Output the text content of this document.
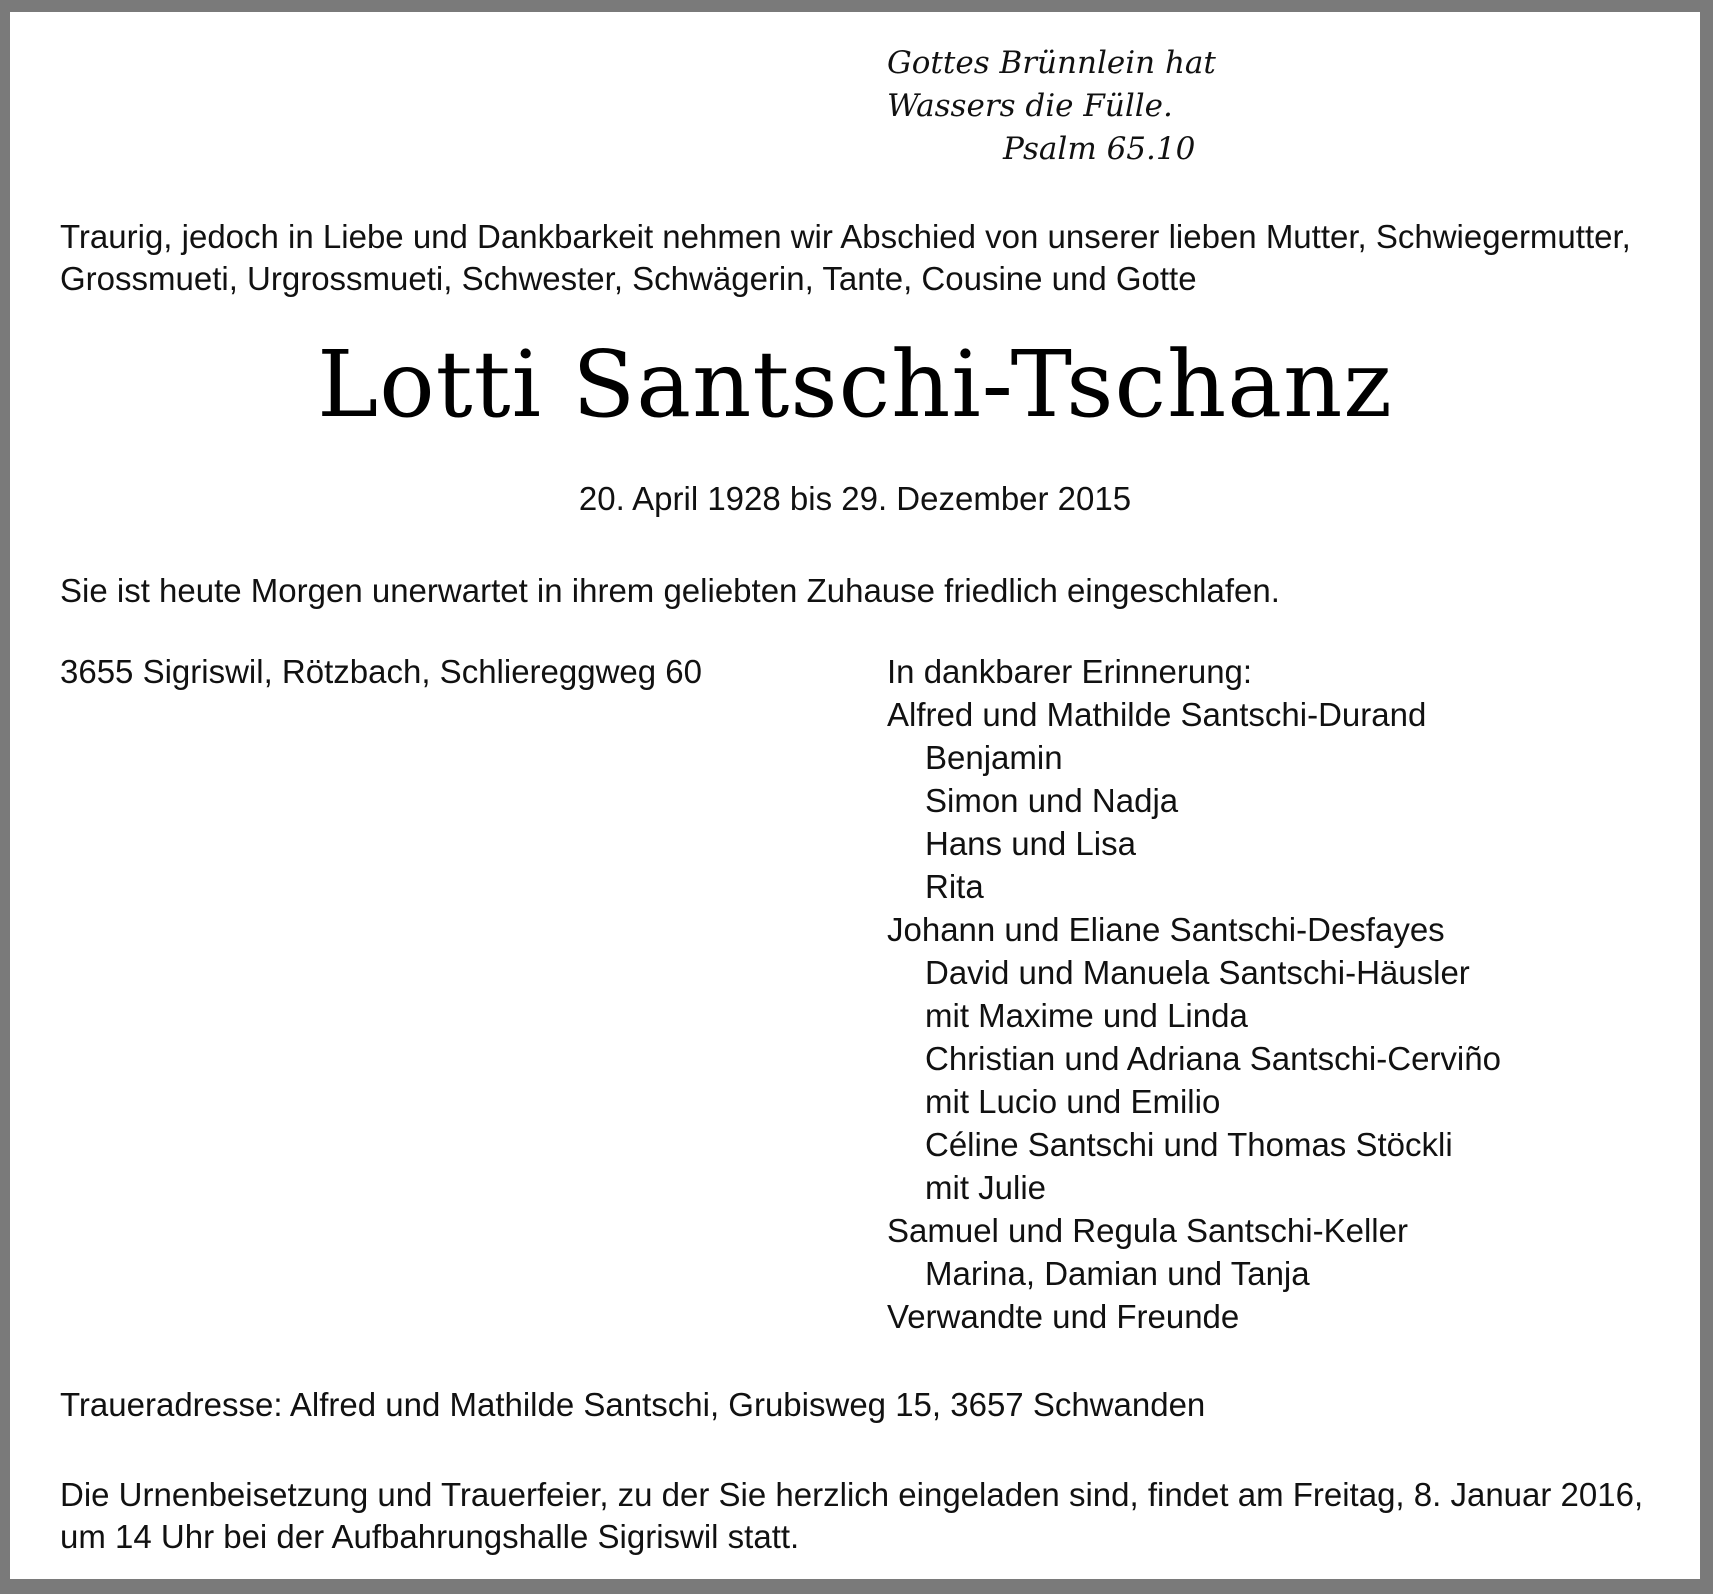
Gottes Brünnlein hat
Wassers die Fülle.
Psalm 65.10
Traurig, jedoch in Liebe und Dankbarkeit nehmen wir Abschied von unserer lieben Mutter, Schwiegermutter,
Grossmueti, Urgrossmueti, Schwester, Schwägerin, Tante, Cousine und Gotte
Lotti Santschi-Tschanz
20. April 1928 bis 29. Dezember 2015
Sie ist heute Morgen unerwartet in ihrem geliebten Zuhause friedlich eingeschlafen.
3655 Sigriswil, Rötzbach, Schliereggweg 60	In dankbarer Erinnerung:
Alfred und Mathilde Santschi-Durand
Benjamin
Simon und Nadja
Hans und Lisa
Rita
Johann und Eliane Santschi-Desfayes
David und Manuela Santschi-Häusler
mit Maxime und Linda
Christian und Adriana Santschi-Cerviño
mit Lucio und Emilio
Céline Santschi und Thomas Stöckli
mit Julie
Samuel und Regula Santschi-Keller
Marina, Damian und Tanja
Verwandte und Freunde
Traueradresse: Alfred und Mathilde Santschi, Grubisweg 15, 3657 Schwanden
Die Urnenbeisetzung und Trauerfeier, zu der Sie herzlich eingeladen sind, findet am Freitag, 8. Januar 2016,
um 14 Uhr bei der Aufbahrungshalle Sigriswil statt.
